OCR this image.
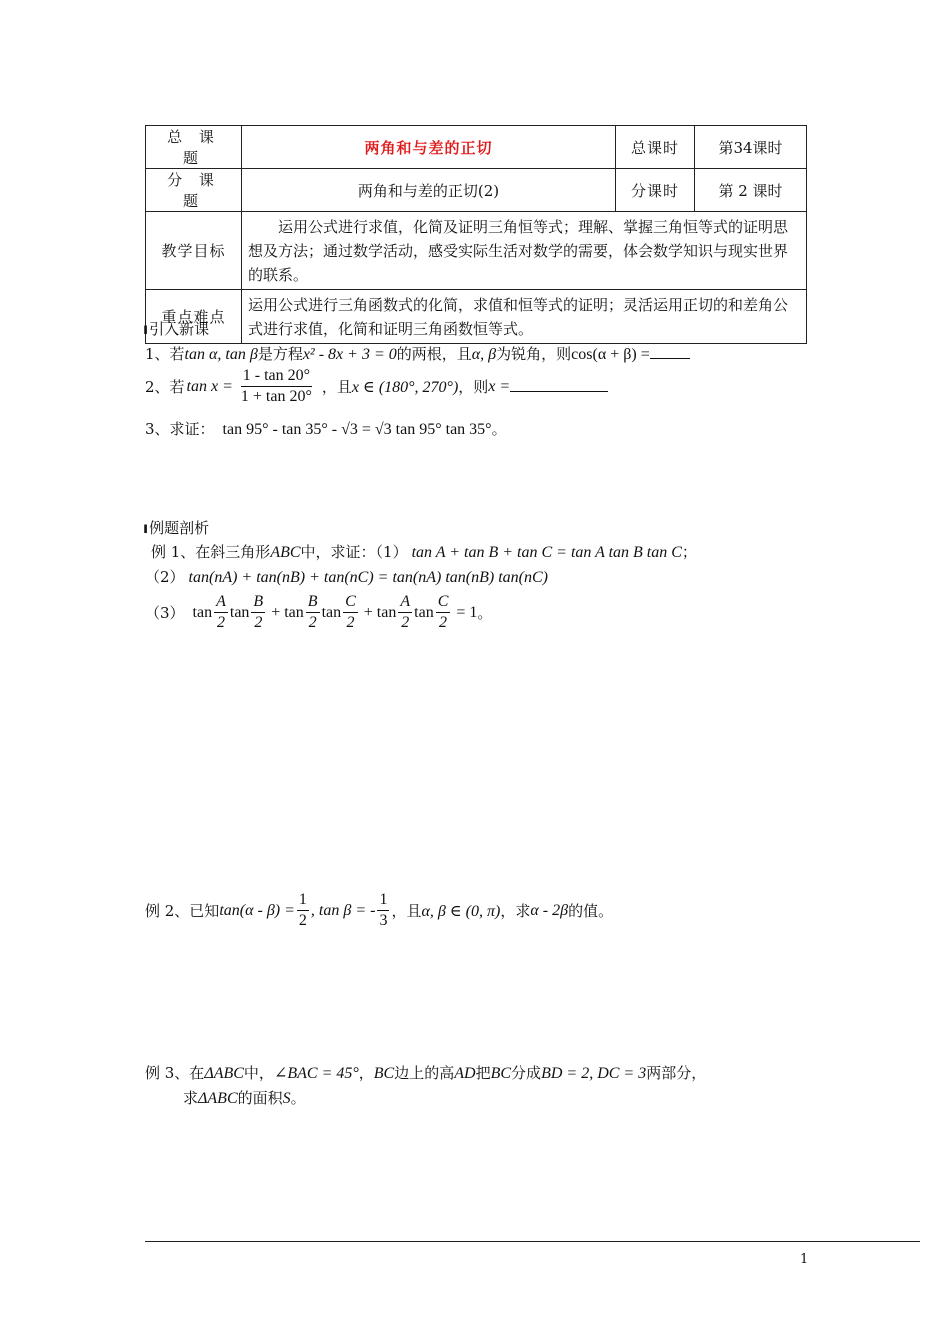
总 课 题	两角和与差的正切	总课时	第34课时
分 课 题	两角和与差的正切(2)	分课时	第 2 课时
教学目标	运用公式进行求值，化简及证明三角恒等式；理解、掌握三角恒等式的证明思想及方法；通过数学活动，感受实际生活对数学的需要，体会数学知识与现实世界的联系。		
重点难点	运用公式进行三角函数式的化简，求值和恒等式的证明；灵活运用正切的和差角公式进行求值，化简和证明三角函数恒等式。		
ı引入新课
1、若tan α, tan β是方程x² - 8x + 3 = 0的两根，且α, β为锐角，则cos(α + β) =
2、若 $\tan x = \frac{1 - \tan 20^\circ}{1 + \tan 20^\circ}$ ，且 x ∈ (180°, 270°) ，则 x =
3、求证： tan 95° - tan 35° - √3 = √3 tan 95° tan 35°。
ı例题剖析
例 1、在斜三角形ABC中，求证：（1） tan A + tan B + tan C = tan A tan B tan C；
（2） tan(nA) + tan(nB) + tan(nC) = tan(nA) tan(nB) tan(nC)
（3） $\tan \frac{A}{2}$ $\tan \frac{B}{2} + \tan \frac{B}{2}$ $\tan \frac{C}{2} + \tan \frac{A}{2}$ $\tan \frac{C}{2} = 1$ 。
例 2、已知 $\tan(\alpha - \beta) = \frac{1}{2}$ , tan β = - $\frac{1}{3}$ ，且 α, β ∈ (0, π) ，求 α - 2β 的值。
例 3、在ΔABC中，∠BAC = 45°，BC边上的高AD把BC分成BD = 2, DC = 3两部分，
求ΔABC的面积S。
1
